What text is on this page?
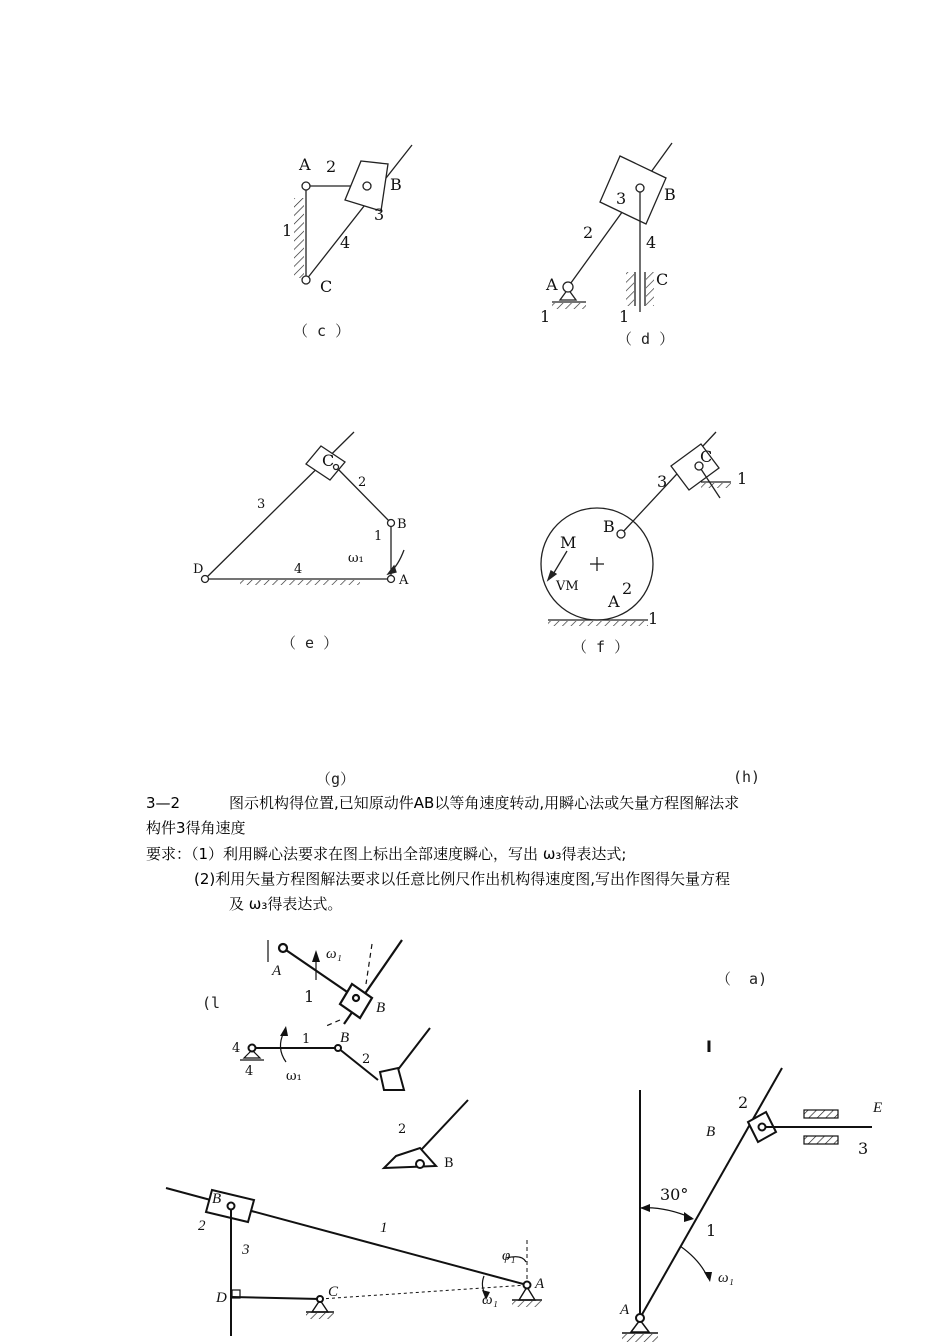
A 2
B
3
1
4
C
3 B
2
4
A	C
1	1
C
2
3
B
1
ω₁
D	4
A
C
1
3
B
M
VM	2
A
1
ω₁
A
1
B
4
4
1 B
2
ω₁
2
B
B
2
3
1
φ₁
D	C	ω₁
A
I
2
B
E
3
30°
1
ω₁
A
（ c ）	（ d ）
（ e ）	（ f ）
（g）	(h)
（  a)
(l
3—2	图示机构得位置,已知原动件AB以等角速度转动,用瞬心法或矢量方程图解法求
构件3得角速度
要求：（1）利用瞬心法要求在图上标出全部速度瞬心，写出 ω₃得表达式;
(2)利用矢量方程图解法要求以任意比例尺作出机构得速度图,写出作图得矢量方程
及 ω₃得表达式。
